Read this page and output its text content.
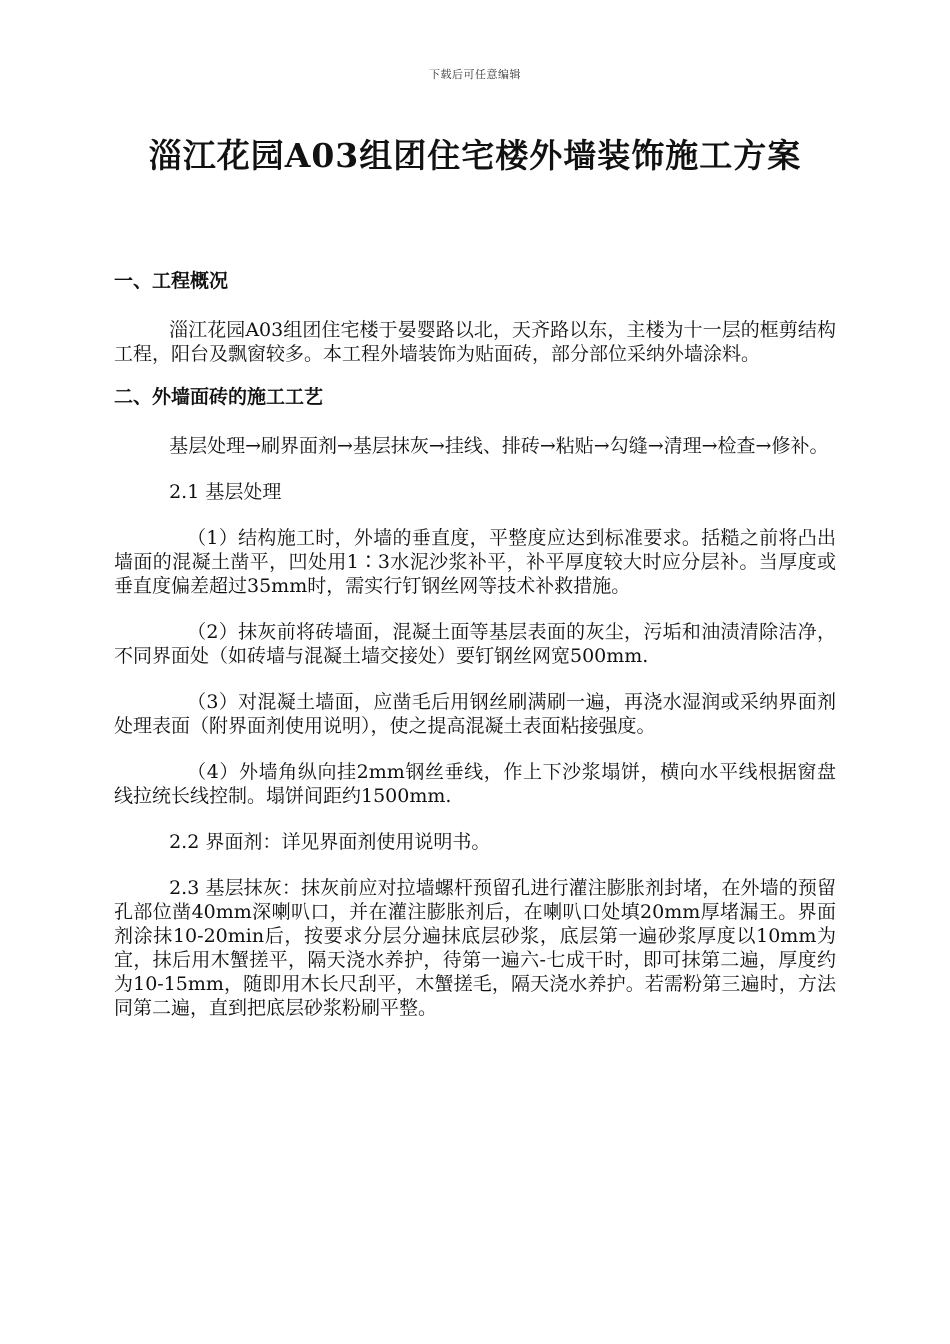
下载后可任意编辑
淄江花园A03组团住宅楼外墙装饰施工方案

一、工程概况

淄江花园A03组团住宅楼于晏婴路以北，天齐路以东，主楼为十一层的框剪结构工程，阳台及飘窗较多。本工程外墙装饰为贴面砖，部分部位采纳外墙涂料。

二、外墙面砖的施工工艺

基层处理→刷界面剂→基层抹灰→挂线、排砖→粘贴→勾缝→清理→检查→修补。

2.1 基层处理

（1）结构施工时，外墙的垂直度，平整度应达到标准要求。括糙之前将凸出墙面的混凝土凿平，凹处用1∶3水泥沙浆补平，补平厚度较大时应分层补。当厚度或垂直度偏差超过35mm时，需实行钉钢丝网等技术补救措施。

（2）抹灰前将砖墙面，混凝土面等基层表面的灰尘，污垢和油渍清除洁净，不同界面处（如砖墙与混凝土墙交接处）要钉钢丝网宽500mm.

（3）对混凝土墙面，应凿毛后用钢丝刷满刷一遍，再浇水湿润或采纳界面剂处理表面（附界面剂使用说明），使之提高混凝土表面粘接强度。

（4）外墙角纵向挂2mm钢丝垂线，作上下沙浆塌饼，横向水平线根据窗盘线拉统长线控制。塌饼间距约1500mm.

2.2 界面剂：详见界面剂使用说明书。

2.3 基层抹灰：抹灰前应对拉墙螺杆预留孔进行灌注膨胀剂封堵，在外墙的预留孔部位凿40mm深喇叭口，并在灌注膨胀剂后，在喇叭口处填20mm厚堵漏王。界面剂涂抹10-20min后，按要求分层分遍抹底层砂浆，底层第一遍砂浆厚度以10mm为宜，抹后用木蟹搓平，隔天浇水养护，待第一遍六-七成干时，即可抹第二遍，厚度约为10-15mm，随即用木长尺刮平，木蟹搓毛，隔天浇水养护。若需粉第三遍时，方法同第二遍，直到把底层砂浆粉刷平整。
